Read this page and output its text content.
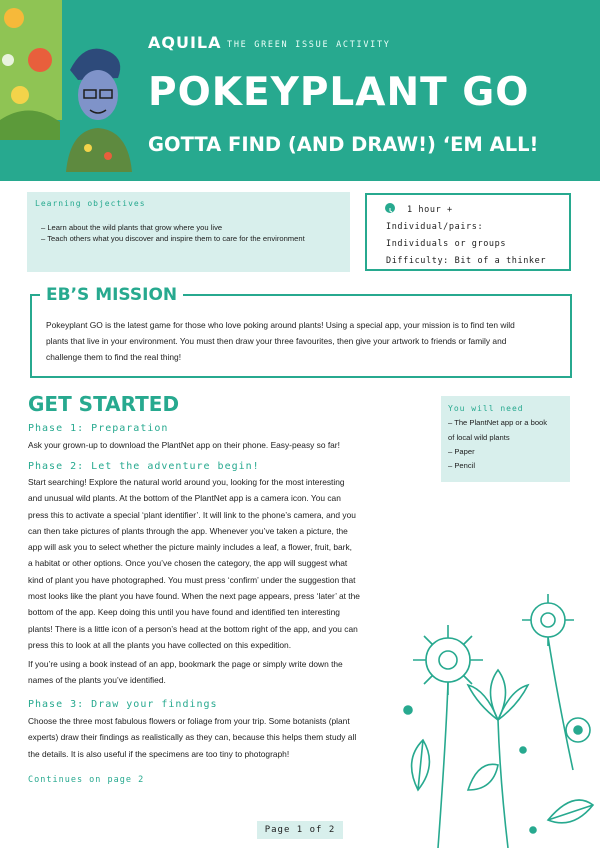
AQUILA THE GREEN ISSUE ACTIVITY
POKEYPLANT GO
GOTTA FIND (AND DRAW!) ‘EM ALL!
Learning objectives
– Learn about the wild plants that grow where you live
– Teach others what you discover and inspire them to care for the environment
1 hour +
Individual/pairs:
Individuals or groups
Difficulty: Bit of a thinker
EB’S MISSION
Pokeyplant GO is the latest game for those who love poking around plants! Using a special app, your mission is to find ten wild
plants that live in your environment. You must then draw your three favourites, then give your artwork to friends or family and
challenge them to find the real thing!
GET STARTED
Phase 1: Preparation
Ask your grown-up to download the PlantNet app on their phone. Easy-peasy so far!
Phase 2: Let the adventure begin!
Start searching! Explore the natural world around you, looking for the most interesting
and unusual wild plants. At the bottom of the PlantNet app is a camera icon. You can
press this to activate a special ‘plant identifier’. It will link to the phone’s camera, and you
can then take pictures of plants through the app. Whenever you’ve taken a picture, the
app will ask you to select whether the picture mainly includes a leaf, a flower, fruit, bark,
a habitat or other options. Once you’ve chosen the category, the app will suggest what
kind of plant you have photographed. You must press ‘confirm’ under the suggestion that
most looks like the plant you have found. When the next page appears, press ‘later’ at the
bottom of the app. Keep doing this until you have found and identified ten interesting
plants! There is a little icon of a person’s head at the bottom right of the app, and you can
press this to look at all the plants you have collected on this expedition.
If you’re using a book instead of an app, bookmark the page or simply write down the
names of the plants you’ve identified.
Phase 3: Draw your findings
Choose the three most fabulous flowers or foliage from your trip. Some botanists (plant
experts) draw their findings as realistically as they can, because this helps them study all
the details. It is also useful if the specimens are too tiny to photograph!
Continues on page 2
You will need
– The PlantNet app or a book
of local wild plants
– Paper
– Pencil
Page 1 of 2
